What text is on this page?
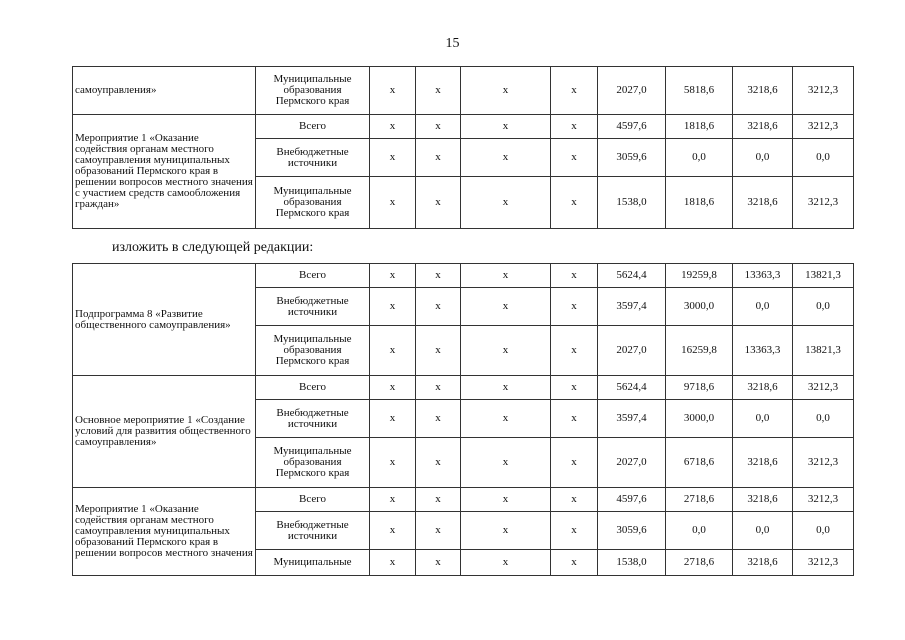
15
самоуправления»	Муниципальные образования Пермского края	х	х	х	х	2027,0	5818,6	3218,6	3212,3
Мероприятие 1 «Оказание содействия органам местного самоуправления муниципальных образований Пермского края в решении вопросов местного значения с участием средств самообложения граждан»	Всего	х	х	х	х	4597,6	1818,6	3218,6	3212,3
	Внебюджетные источники	х	х	х	х	3059,6	0,0	0,0	0,0
	Муниципальные образования Пермского края	х	х	х	х	1538,0	1818,6	3218,6	3212,3
изложить в следующей редакции:
Подпрограмма 8 «Развитие общественного самоуправления»	Всего	х	х	х	х	5624,4	19259,8	13363,3	13821,3
	Внебюджетные источники	х	х	х	х	3597,4	3000,0	0,0	0,0
	Муниципальные образования Пермского края	х	х	х	х	2027,0	16259,8	13363,3	13821,3
Основное мероприятие 1 «Создание условий для развития общественного самоуправления»	Всего	х	х	х	х	5624,4	9718,6	3218,6	3212,3
	Внебюджетные источники	х	х	х	х	3597,4	3000,0	0,0	0,0
	Муниципальные образования Пермского края	х	х	х	х	2027,0	6718,6	3218,6	3212,3
Мероприятие 1 «Оказание содействия органам местного самоуправления муниципальных образований Пермского края в решении вопросов местного значения	Всего	х	х	х	х	4597,6	2718,6	3218,6	3212,3
	Внебюджетные источники	х	х	х	х	3059,6	0,0	0,0	0,0
	Муниципальные	х	х	х	х	1538,0	2718,6	3218,6	3212,3
